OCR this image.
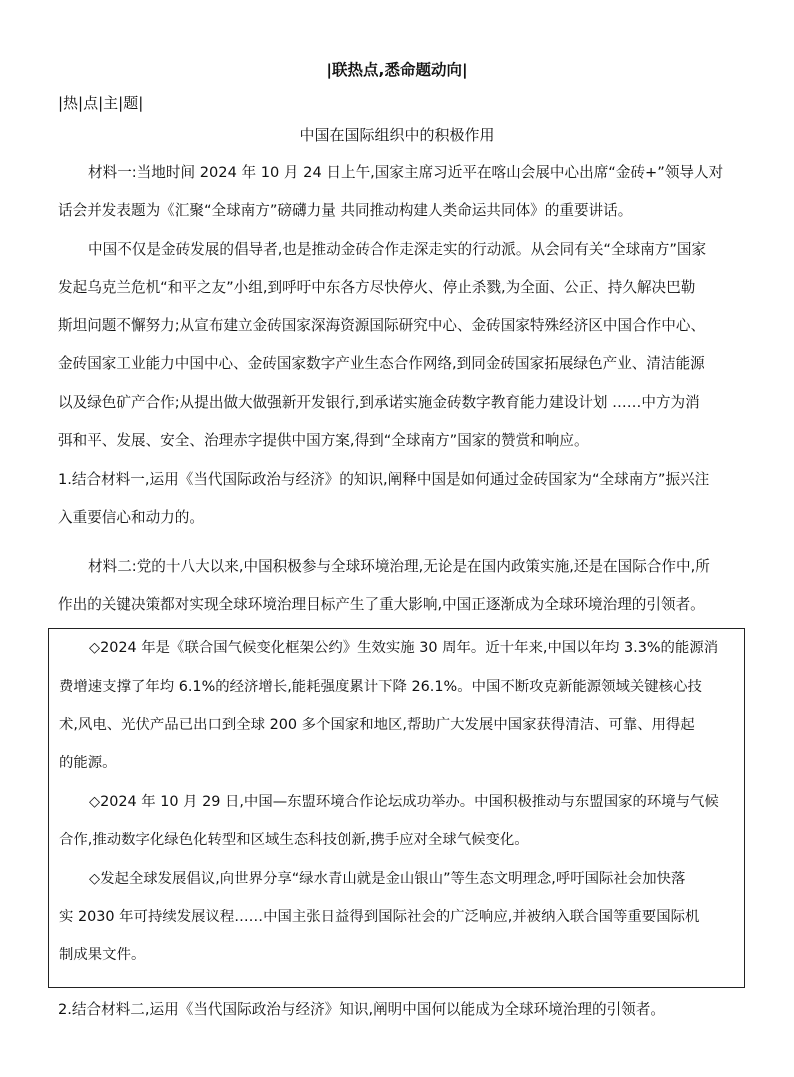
|联热点,悉命题动向|
|热|点|主|题|
中国在国际组织中的积极作用
材料一:当地时间 2024 年 10 月 24 日上午,国家主席习近平在喀山会展中心出席“金砖+”领导人对
话会并发表题为《汇聚“全球南方”磅礴力量 共同推动构建人类命运共同体》的重要讲话。
中国不仅是金砖发展的倡导者,也是推动金砖合作走深走实的行动派。从会同有关“全球南方”国家
发起乌克兰危机“和平之友”小组,到呼吁中东各方尽快停火、停止杀戮,为全面、公正、持久解决巴勒
斯坦问题不懈努力;从宣布建立金砖国家深海资源国际研究中心、金砖国家特殊经济区中国合作中心、
金砖国家工业能力中国中心、金砖国家数字产业生态合作网络,到同金砖国家拓展绿色产业、清洁能源
以及绿色矿产合作;从提出做大做强新开发银行,到承诺实施金砖数字教育能力建设计划 ……中方为消
弭和平、发展、安全、治理赤字提供中国方案,得到“全球南方”国家的赞赏和响应。
1.结合材料一,运用《当代国际政治与经济》的知识,阐释中国是如何通过金砖国家为“全球南方”振兴注
入重要信心和动力的。
材料二:党的十八大以来,中国积极参与全球环境治理,无论是在国内政策实施,还是在国际合作中,所
作出的关键决策都对实现全球环境治理目标产生了重大影响,中国正逐渐成为全球环境治理的引领者。
◇2024 年是《联合国气候变化框架公约》生效实施 30 周年。近十年来,中国以年均 3.3%的能源消
费增速支撑了年均 6.1%的经济增长,能耗强度累计下降 26.1%。中国不断攻克新能源领域关键核心技
术,风电、光伏产品已出口到全球 200 多个国家和地区,帮助广大发展中国家获得清洁、可靠、用得起
的能源。
◇2024 年 10 月 29 日,中国—东盟环境合作论坛成功举办。中国积极推动与东盟国家的环境与气候
合作,推动数字化绿色化转型和区域生态科技创新,携手应对全球气候变化。
◇发起全球发展倡议,向世界分享“绿水青山就是金山银山”等生态文明理念,呼吁国际社会加快落
实 2030 年可持续发展议程……中国主张日益得到国际社会的广泛响应,并被纳入联合国等重要国际机
制成果文件。
2.结合材料二,运用《当代国际政治与经济》知识,阐明中国何以能成为全球环境治理的引领者。
